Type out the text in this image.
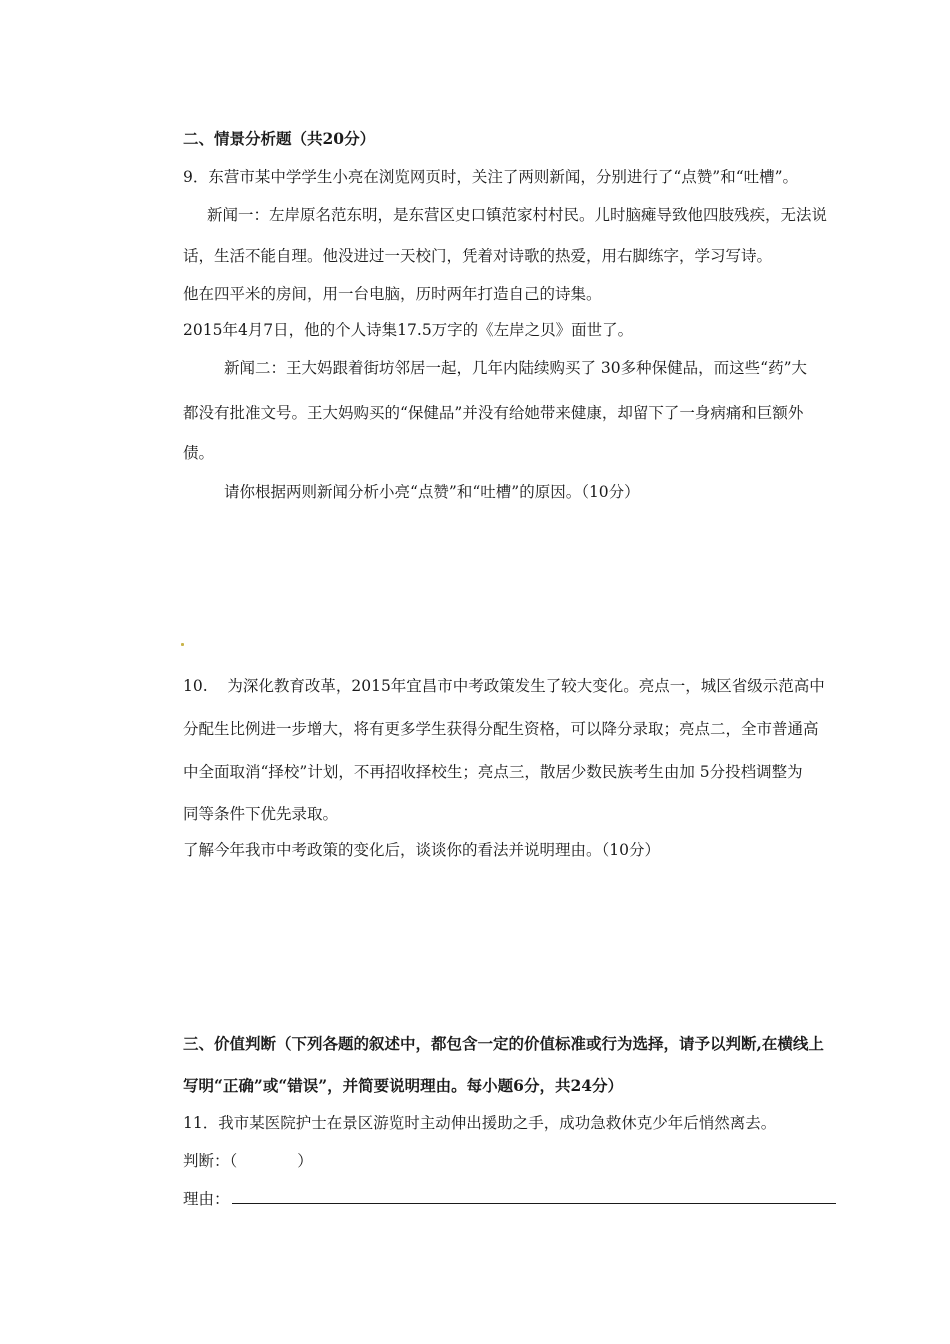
二、情景分析题（共20分）
9．东营市某中学学生小亮在浏览网页时，关注了两则新闻，分别进行了“点赞”和“吐槽”。
新闻一：左岸原名范东明，是东营区史口镇范家村村民。儿时脑瘫导致他四肢残疾，无法说
话，生活不能自理。他没进过一天校门，凭着对诗歌的热爱，用右脚练字，学习写诗。
他在四平米的房间，用一台电脑，历时两年打造自己的诗集。
2015年4月7日，他的个人诗集17.5万字的《左岸之贝》面世了。
新闻二：王大妈跟着街坊邻居一起，几年内陆续购买了 30多种保健品，而这些“药”大
都没有批准文号。王大妈购买的“保健品”并没有给她带来健康，却留下了一身病痛和巨额外
债。
请你根据两则新闻分析小亮“点赞”和“吐槽”的原因。（10分）
10.    为深化教育改革，2015年宜昌市中考政策发生了较大变化。亮点一，城区省级示范高中
分配生比例进一步增大，将有更多学生获得分配生资格，可以降分录取；亮点二，全市普通高
中全面取消“择校”计划，不再招收择校生；亮点三，散居少数民族考生由加 5分投档调整为
同等条件下优先录取。
了解今年我市中考政策的变化后，谈谈你的看法并说明理由。（10分）
三、价值判断（下列各题的叙述中，都包含一定的价值标准或行为选择，请予以判断,在横线上
写明“正确”或“错误”，并简要说明理由。每小题6分，共24分）
11．我市某医院护士在景区游览时主动伸出援助之手，成功急救休克少年后悄然离去。
判断：（	）
理由：
